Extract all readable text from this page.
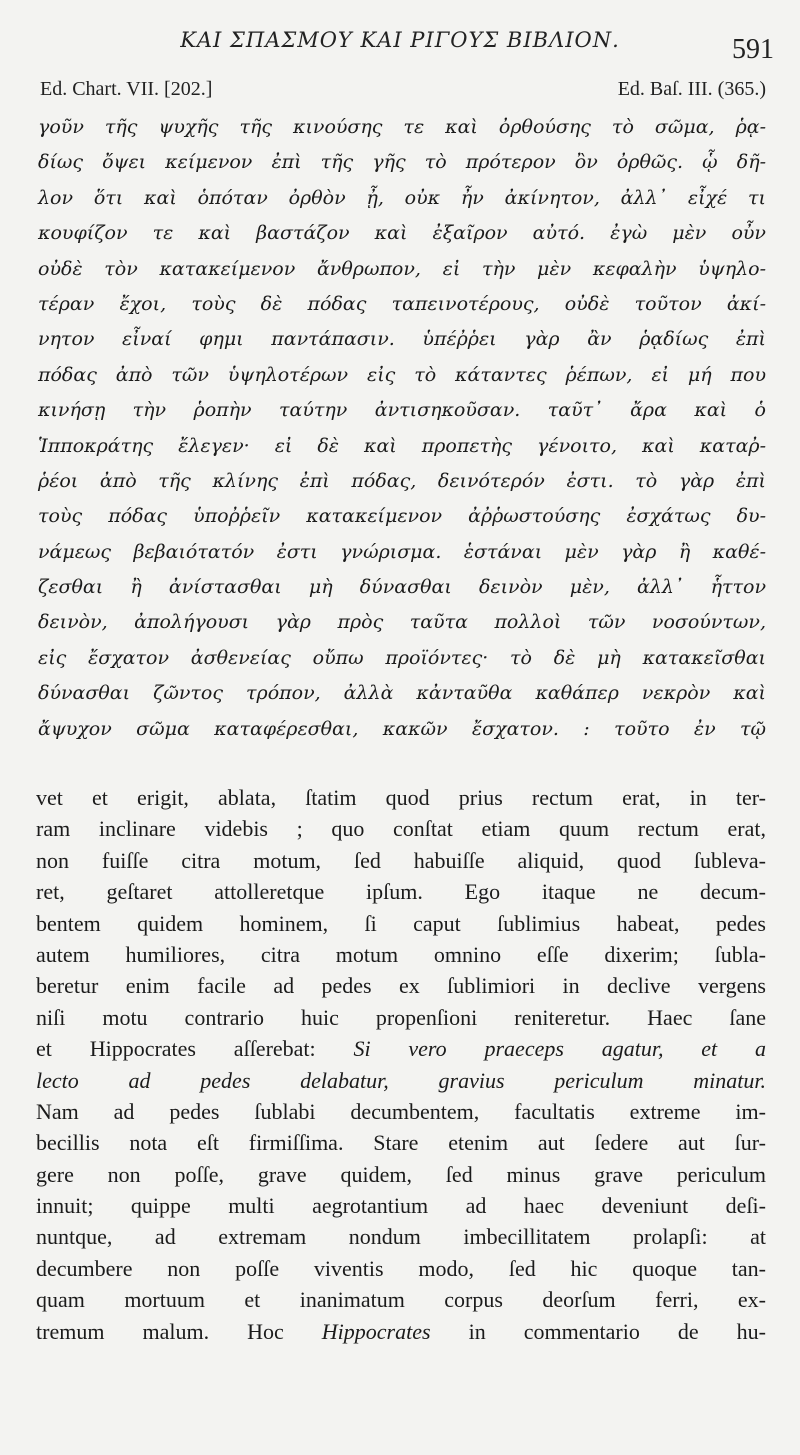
ΚΑΙ ΣΠΑΣΜΟΥ ΚΑΙ ΡΙΓΟΥΣ ΒΙΒΛΙΟΝ.	591
Ed. Chart. VII. [202.]	Ed. Baſ. III. (365.)
γοῦν τῆς ψυχῆς τῆς κινούσης τε καὶ ὀρθούσης τὸ σῶμα, ῥᾳ-
δίως ὄψει κείμενον ἐπὶ τῆς γῆς τὸ πρότερον ὂν ὀρθῶς. ᾧ δῆ-
λον ὅτι καὶ ὁπόταν ὀρθὸν ᾖ, οὐκ ἦν ἀκίνητον, ἀλλ᾽ εἶχέ τι
κουφίζον τε καὶ βαστάζον καὶ ἐξαῖρον αὐτό. ἐγὼ μὲν οὖν
οὐδὲ τὸν κατακείμενον ἄνθρωπον, εἰ τὴν μὲν κεφαλὴν ὑψηλο-
τέραν ἔχοι, τοὺς δὲ πόδας ταπεινοτέρους, οὐδὲ τοῦτον ἀκί-
νητον εἶναί φημι παντάπασιν. ὑπέῤῥει γὰρ ἂν ῥᾳδίως ἐπὶ
πόδας ἀπὸ τῶν ὑψηλοτέρων εἰς τὸ κάταντες ῥέπων, εἰ μή που
κινήσῃ τὴν ῥοπὴν ταύτην ἀντισηκοῦσαν. ταῦτ᾽ ἄρα καὶ ὁ
Ἱπποκράτης ἔλεγεν· εἰ δὲ καὶ προπετὴς γένοιτο, καὶ καταῤ-
ῥέοι ἀπὸ τῆς κλίνης ἐπὶ πόδας, δεινότερόν ἐστι. τὸ γὰρ ἐπὶ
τοὺς πόδας ὑποῤῥεῖν κατακείμενον ἀῤῥωστούσης ἐσχάτως δυ-
νάμεως βεβαιότατόν ἐστι γνώρισμα. ἑστάναι μὲν γὰρ ἢ καθέ-
ζεσθαι ἢ ἀνίστασθαι μὴ δύνασθαι δεινὸν μὲν, ἀλλ᾽ ἧττον
δεινὸν, ἀπολήγουσι γὰρ πρὸς ταῦτα πολλοὶ τῶν νοσούντων,
εἰς ἔσχατον ἀσθενείας οὔπω προϊόντες· τὸ δὲ μὴ κατακεῖσθαι
δύνασθαι ζῶντος τρόπον, ἀλλὰ κἀνταῦθα καθάπερ νεκρὸν καὶ
ἄψυχον σῶμα καταφέρεσθαι, κακῶν ἔσχατον. : τοῦτο ἐν τῷ
vet et erigit, ablata, ſtatim quod prius rectum erat, in ter-
ram inclinare videbis ; quo conſtat etiam quum rectum erat,
non fuiſſe citra motum, ſed habuiſſe aliquid, quod ſubleva-
ret, geſtaret attolleretque ipſum. Ego itaque ne decum-
bentem quidem hominem, ſi caput ſublimius habeat, pedes
autem humiliores, citra motum omnino eſſe dixerim; ſubla-
beretur enim facile ad pedes ex ſublimiori in declive vergens
niſi motu contrario huic propenſioni reniteretur. Haec ſane
et Hippocrates aſſerebat: Si vero praeceps agatur, et a
lecto ad pedes delabatur, gravius periculum minatur.
Nam ad pedes ſublabi decumbentem, facultatis extreme im-
becillis nota eſt firmiſſima. Stare etenim aut ſedere aut ſur-
gere non poſſe, grave quidem, ſed minus grave periculum
innuit; quippe multi aegrotantium ad haec deveniunt deſi-
nuntque, ad extremam nondum imbecillitatem prolapſi: at
decumbere non poſſe viventis modo, ſed hic quoque tan-
quam mortuum et inanimatum corpus deorſum ferri, ex-
tremum malum. Hoc Hippocrates in commentario de hu-
